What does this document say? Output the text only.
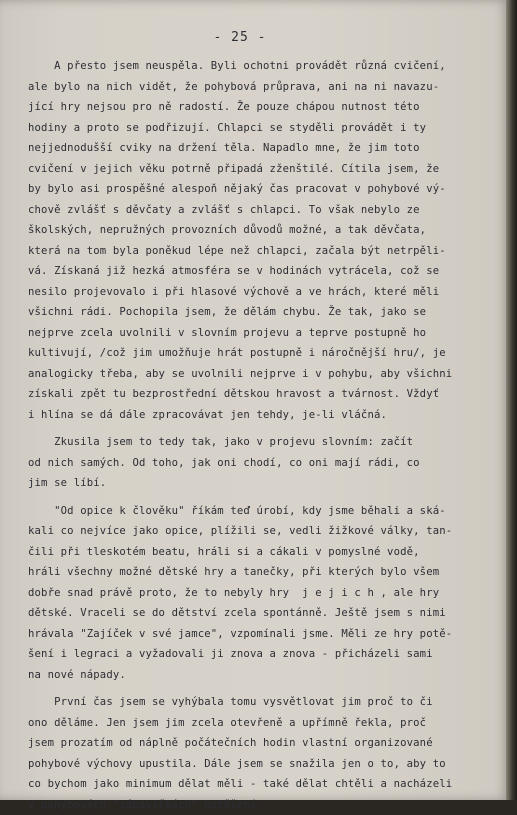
- 25 -
A přesto jsem neuspěla. Byli ochotni provádět různá cvičení,
ale bylo na nich vidět, že pohybová průprava, ani na ni navazu-
jící hry nejsou pro ně radostí. Že pouze chápou nutnost této
hodiny a proto se podřizují. Chlapci se styděli provádět i ty
nejjednodušší cviky na držení těla. Napadlo mne, že jim toto
cvičení v jejich věku potrně připadá zženštilé. Cítila jsem, že
by bylo asi prospěšné alespoň nějaký čas pracovat v pohybové vý-
chově zvlášť s děvčaty a zvlášť s chlapci. To však nebylo ze
školských, nepružných provozních důvodů možné, a tak děvčata,
která na tom byla poněkud lépe než chlapci, začala být netrpěli-
vá. Získaná již hezká atmosféra se v hodinách vytrácela, což se
nesilo projevovalo i při hlasové výchově a ve hrách, které měli
všichni rádi. Pochopila jsem, že dělám chybu. Že tak, jako se
nejprve zcela uvolnili v slovním projevu a teprve postupně ho
kultivují, /což jim umožňuje hrát postupně i náročnější hru/, je
analogicky třeba, aby se uvolnili nejprve i v pohybu, aby všichni
získali zpět tu bezprostřední dětskou hravost a tvárnost. Vždyť
i hlína se dá dále zpracovávat jen tehdy, je-li vláčná.
Zkusila jsem to tedy tak, jako v projevu slovním: začít
od nich samých. Od toho, jak oni chodí, co oni mají rádi, co
jim se líbí.
"Od opice k člověku" říkám teď úrobí, kdy jsme běhali a ská-
kali co nejvíce jako opice, plížili se, vedli žižkové války, tan-
čili při tleskotém beatu, hráli si a cákali v pomyslné vodě,
hráli všechny možné dětské hry a tanečky, při kterých bylo všem
dobře snad právě proto, že to nebyly hry  j e j i c h , ale hry
dětské. Vraceli se do dětství zcela spontánně. Ještě jsem s nimi
hrávala "Zajíček v své jamce", vzpomínali jsme. Měli ze hry potě-
šení i legraci a vyžadovali ji znova a znova - přicházeli sami
na nové nápady.
První čas jsem se vyhýbala tomu vysvětlovat jim proč to či
ono děláme. Jen jsem jim zcela otevřeně a upřímně řekla, proč
jsem prozatím od náplně počátečních hodin vlastní organizované
pohybové výchovy upustila. Dále jsem se snažila jen o to, aby to
co bychom jako minimum dělat měli - také dělat chtěli a nacházeli
v pohybových "zábavičkách" potěšení.
